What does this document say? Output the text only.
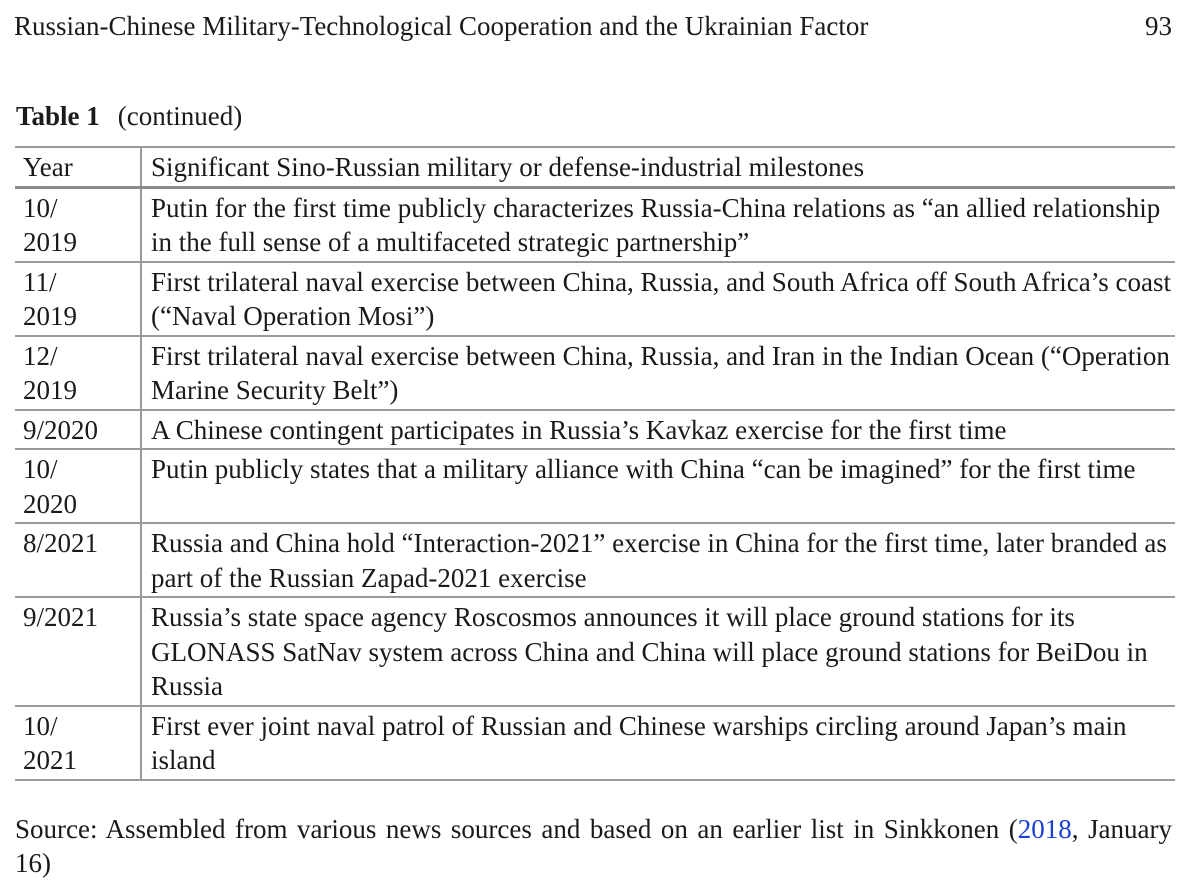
Russian-Chinese Military-Technological Cooperation and the Ukrainian Factor	93
Table 1 (continued)
Year	Significant Sino-Russian military or defense-industrial milestones
10/
2019	Putin for the first time publicly characterizes Russia-China relations as “an allied relationship in the full sense of a multifaceted strategic partnership”
11/
2019	First trilateral naval exercise between China, Russia, and South Africa off South Africa’s coast (“Naval Operation Mosi”)
12/
2019	First trilateral naval exercise between China, Russia, and Iran in the Indian Ocean (“Operation Marine Security Belt”)
9/2020	A Chinese contingent participates in Russia’s Kavkaz exercise for the first time
10/
2020	Putin publicly states that a military alliance with China “can be imagined” for the first time
8/2021	Russia and China hold “Interaction-2021” exercise in China for the first time, later branded as part of the Russian Zapad-2021 exercise
9/2021	Russia’s state space agency Roscosmos announces it will place ground stations for its GLONASS SatNav system across China and China will place ground stations for BeiDou in Russia
10/
2021	First ever joint naval patrol of Russian and Chinese warships circling around Japan’s main island
Source: Assembled from various news sources and based on an earlier list in Sinkkonen (2018, January 16)
